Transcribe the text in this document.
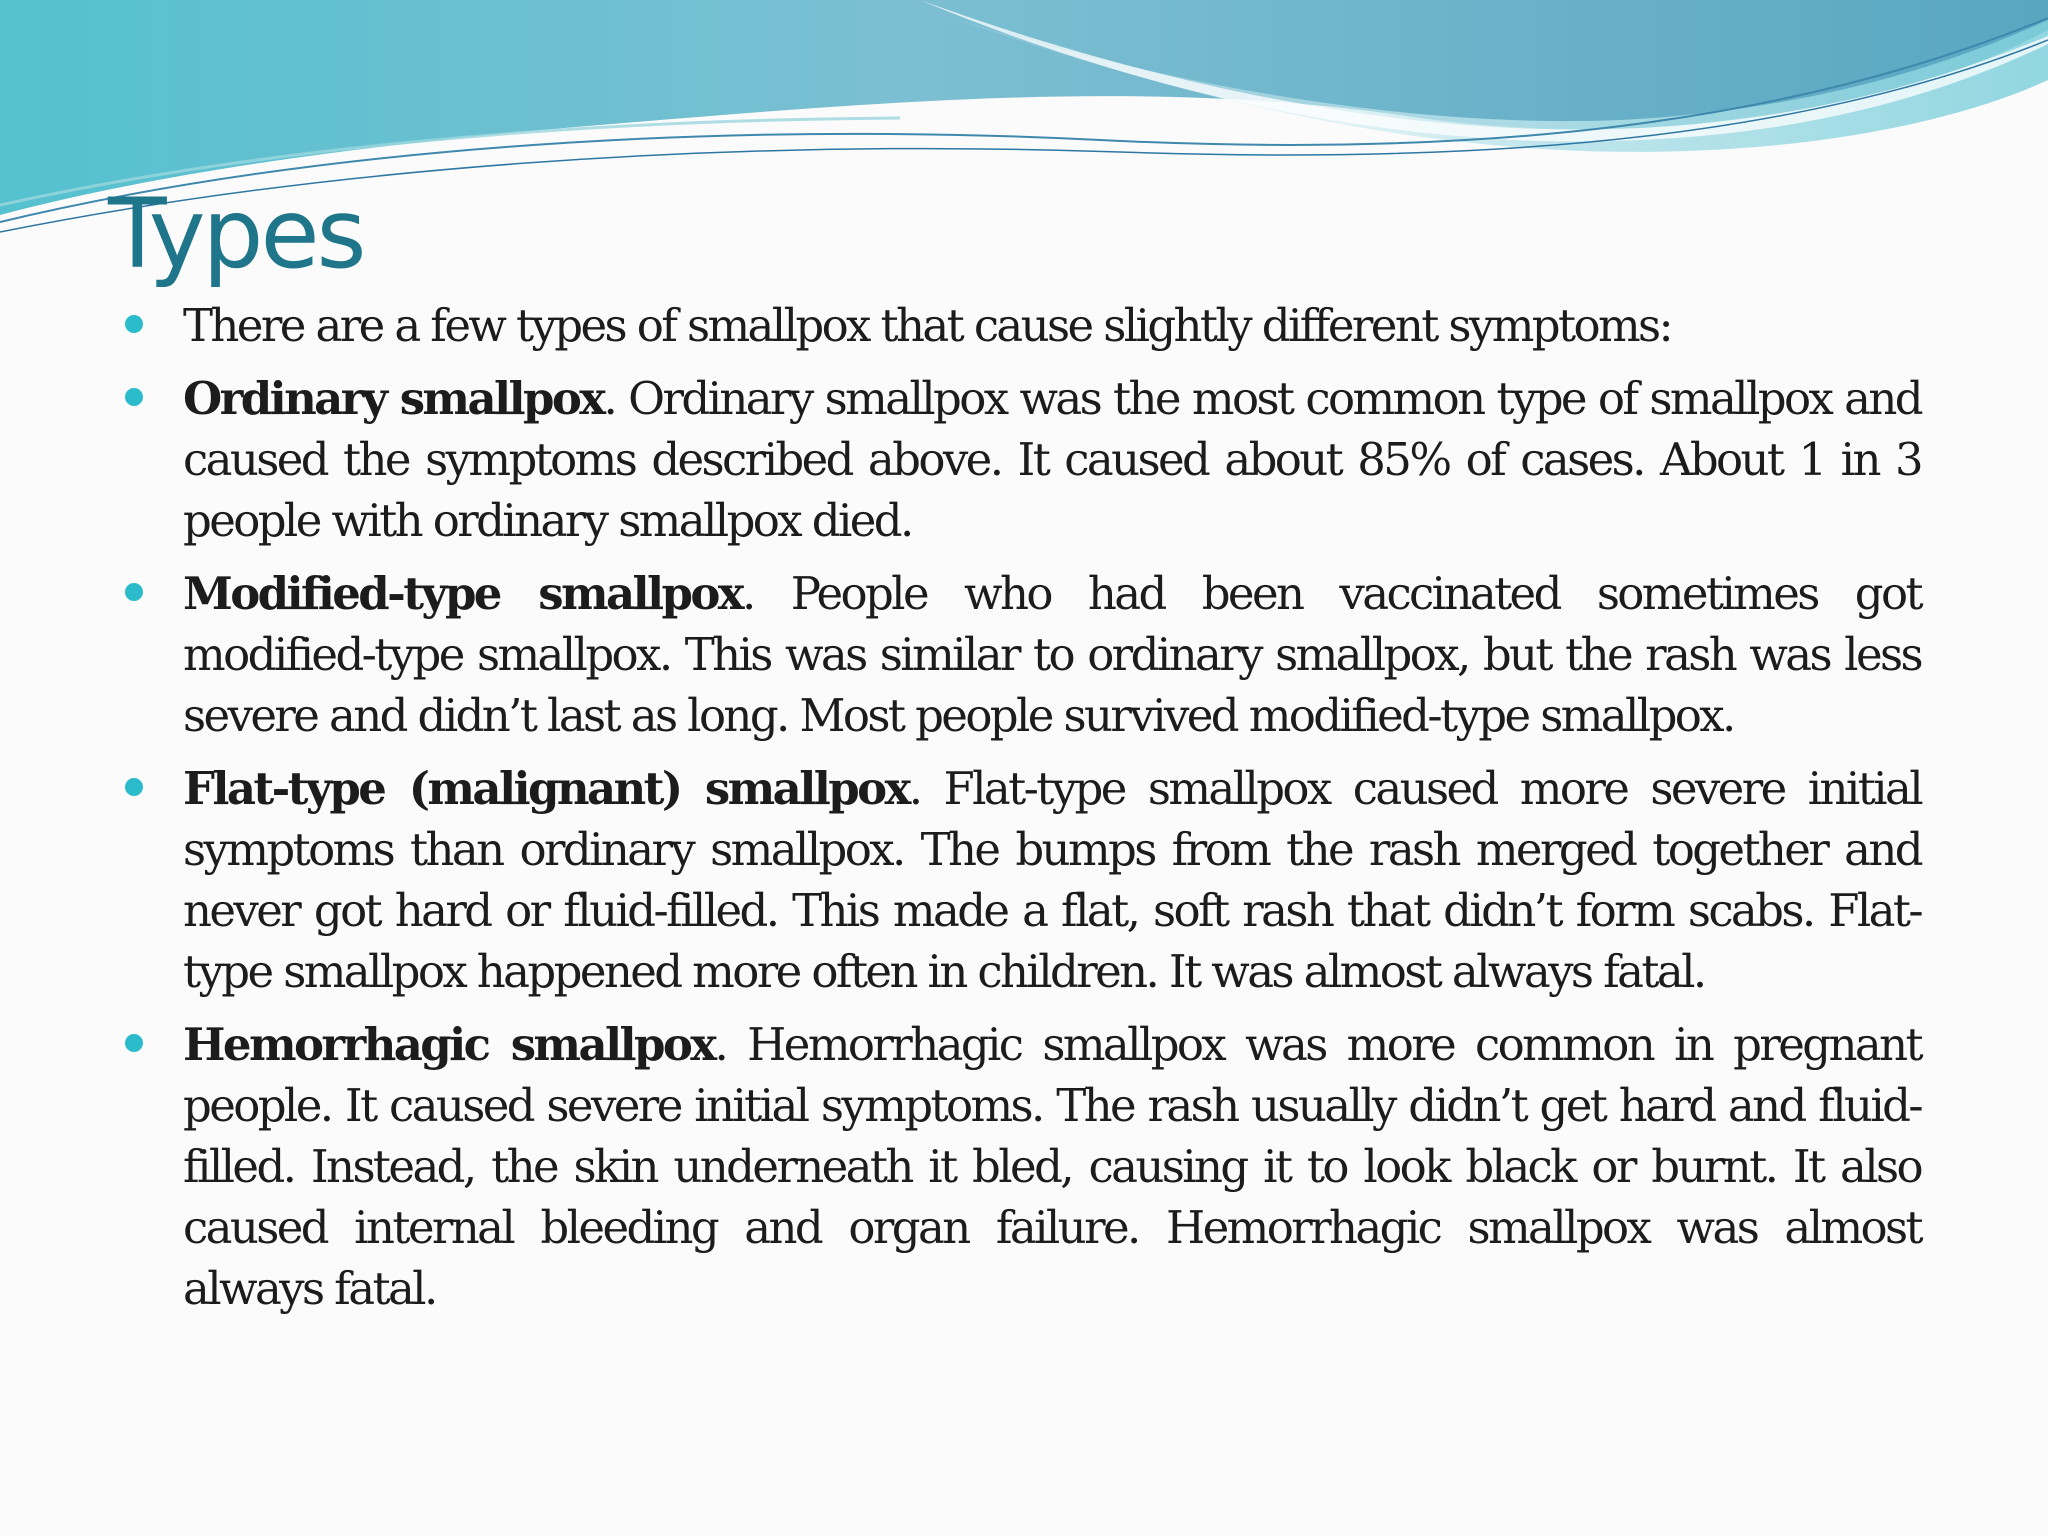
Types
There are a few types of smallpox that cause slightly different symptoms:
Ordinary smallpox. Ordinary smallpox was the most common type of smallpox and caused the symptoms described above. It caused about 85% of cases. About 1 in 3 people with ordinary smallpox died.
Modified-type smallpox. People who had been vaccinated sometimes got modified-type smallpox. This was similar to ordinary smallpox, but the rash was less severe and didn’t last as long. Most people survived modified-type smallpox.
Flat-type (malignant) smallpox. Flat-type smallpox caused more severe initial symptoms than ordinary smallpox. The bumps from the rash merged together and never got hard or fluid-filled. This made a flat, soft rash that didn’t form scabs. Flat-type smallpox happened more often in children. It was almost always fatal.
Hemorrhagic smallpox. Hemorrhagic smallpox was more common in pregnant people. It caused severe initial symptoms. The rash usually didn’t get hard and fluid-filled. Instead, the skin underneath it bled, causing it to look black or burnt. It also caused internal bleeding and organ failure. Hemorrhagic smallpox was almost always fatal.
